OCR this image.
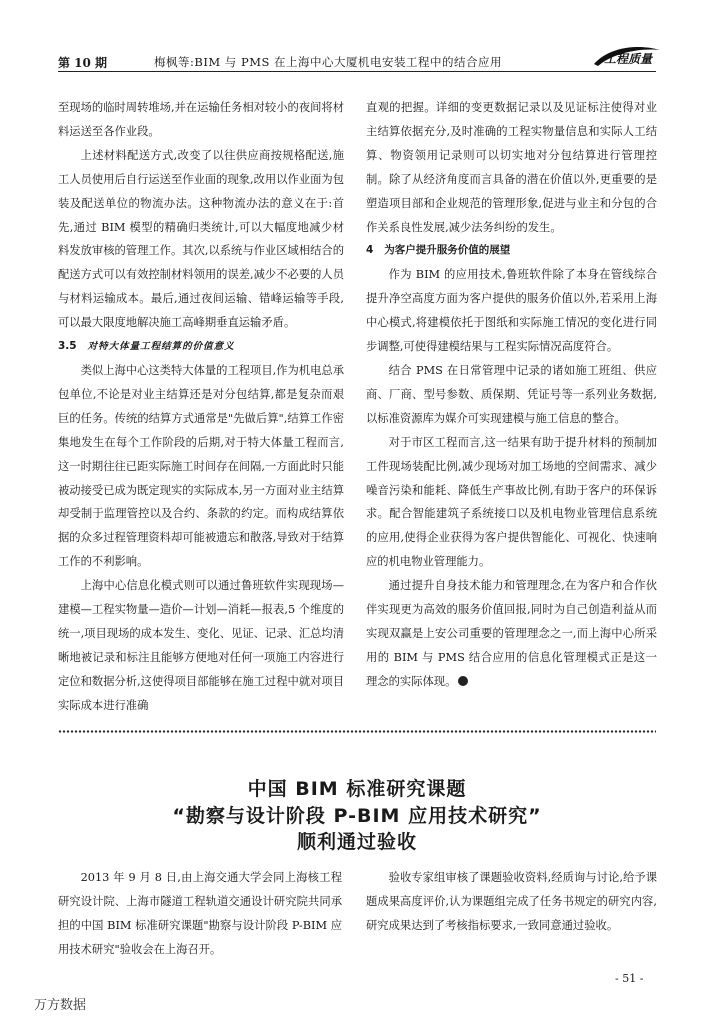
第 10 期	梅枫等:BIM 与 PMS 在上海中心大厦机电安装工程中的结合应用	工程质量

至现场的临时周转堆场,并在运输任务相对较小的夜间将材料运送至各作业段。

上述材料配送方式,改变了以往供应商按规格配送,施工人员使用后自行运送至作业面的现象,改用以作业面为包装及配送单位的物流办法。这种物流办法的意义在于:首先,通过 BIM 模型的精确归类统计,可以大幅度地减少材料发放审核的管理工作。其次,以系统与作业区域相结合的配送方式可以有效控制材料领用的误差,减少不必要的人员与材料运输成本。最后,通过夜间运输、错峰运输等手段,可以最大限度地解决施工高峰期垂直运输矛盾。

3.5 对特大体量工程结算的价值意义

类似上海中心这类特大体量的工程项目,作为机电总承包单位,不论是对业主结算还是对分包结算,都是复杂而艰巨的任务。传统的结算方式通常是"先做后算",结算工作密集地发生在每个工作阶段的后期,对于特大体量工程而言,这一时期往往已距实际施工时间存在间隔,一方面此时只能被动接受已成为既定现实的实际成本,另一方面对业主结算却受制于监理管控以及合约、条款的约定。而构成结算依据的众多过程管理资料却可能被遗忘和散落,导致对于结算工作的不利影响。

上海中心信息化模式则可以通过鲁班软件实现现场—建模—工程实物量—造价—计划—消耗—报表,5 个维度的统一,项目现场的成本发生、变化、见证、记录、汇总均清晰地被记录和标注且能够方便地对任何一项施工内容进行定位和数据分析,这使得项目部能够在施工过程中就对项目实际成本进行准确

直观的把握。详细的变更数据记录以及见证标注使得对业主结算依据充分,及时准确的工程实物量信息和实际人工结算、物资领用记录则可以切实地对分包结算进行管理控制。除了从经济角度而言具备的潜在价值以外,更重要的是塑造项目部和企业规范的管理形象,促进与业主和分包的合作关系良性发展,减少法务纠纷的发生。

4 为客户提升服务价值的展望

作为 BIM 的应用技术,鲁班软件除了本身在管线综合提升净空高度方面为客户提供的服务价值以外,若采用上海中心模式,将建模依托于图纸和实际施工情况的变化进行同步调整,可使得建模结果与工程实际情况高度符合。

结合 PMS 在日常管理中记录的诸如施工班组、供应商、厂商、型号参数、质保期、凭证号等一系列业务数据,以标准资源库为媒介可实现建模与施工信息的整合。

对于市区工程而言,这一结果有助于提升材料的预制加工件现场装配比例,减少现场对加工场地的空间需求、减少噪音污染和能耗、降低生产事故比例,有助于客户的环保诉求。配合智能建筑子系统接口以及机电物业管理信息系统的应用,使得企业获得为客户提供智能化、可视化、快速响应的机电物业管理能力。

通过提升自身技术能力和管理理念,在为客户和合作伙伴实现更为高效的服务价值回报,同时为自己创造利益从而实现双赢是上安公司重要的管理理念之一,而上海中心所采用的 BIM 与 PMS 结合应用的信息化管理模式正是这一理念的实际体现。

中国 BIM 标准研究课题
“勘察与设计阶段 P-BIM 应用技术研究”
顺利通过验收

2013 年 9 月 8 日,由上海交通大学会同上海核工程研究设计院、上海市隧道工程轨道交通设计研究院共同承担的中国 BIM 标准研究课题"勘察与设计阶段 P-BIM 应用技术研究"验收会在上海召开。

验收专家组审核了课题验收资料,经质询与讨论,给予课题成果高度评价,认为课题组完成了任务书规定的研究内容,研究成果达到了考核指标要求,一致同意通过验收。

- 51 -
万方数据
